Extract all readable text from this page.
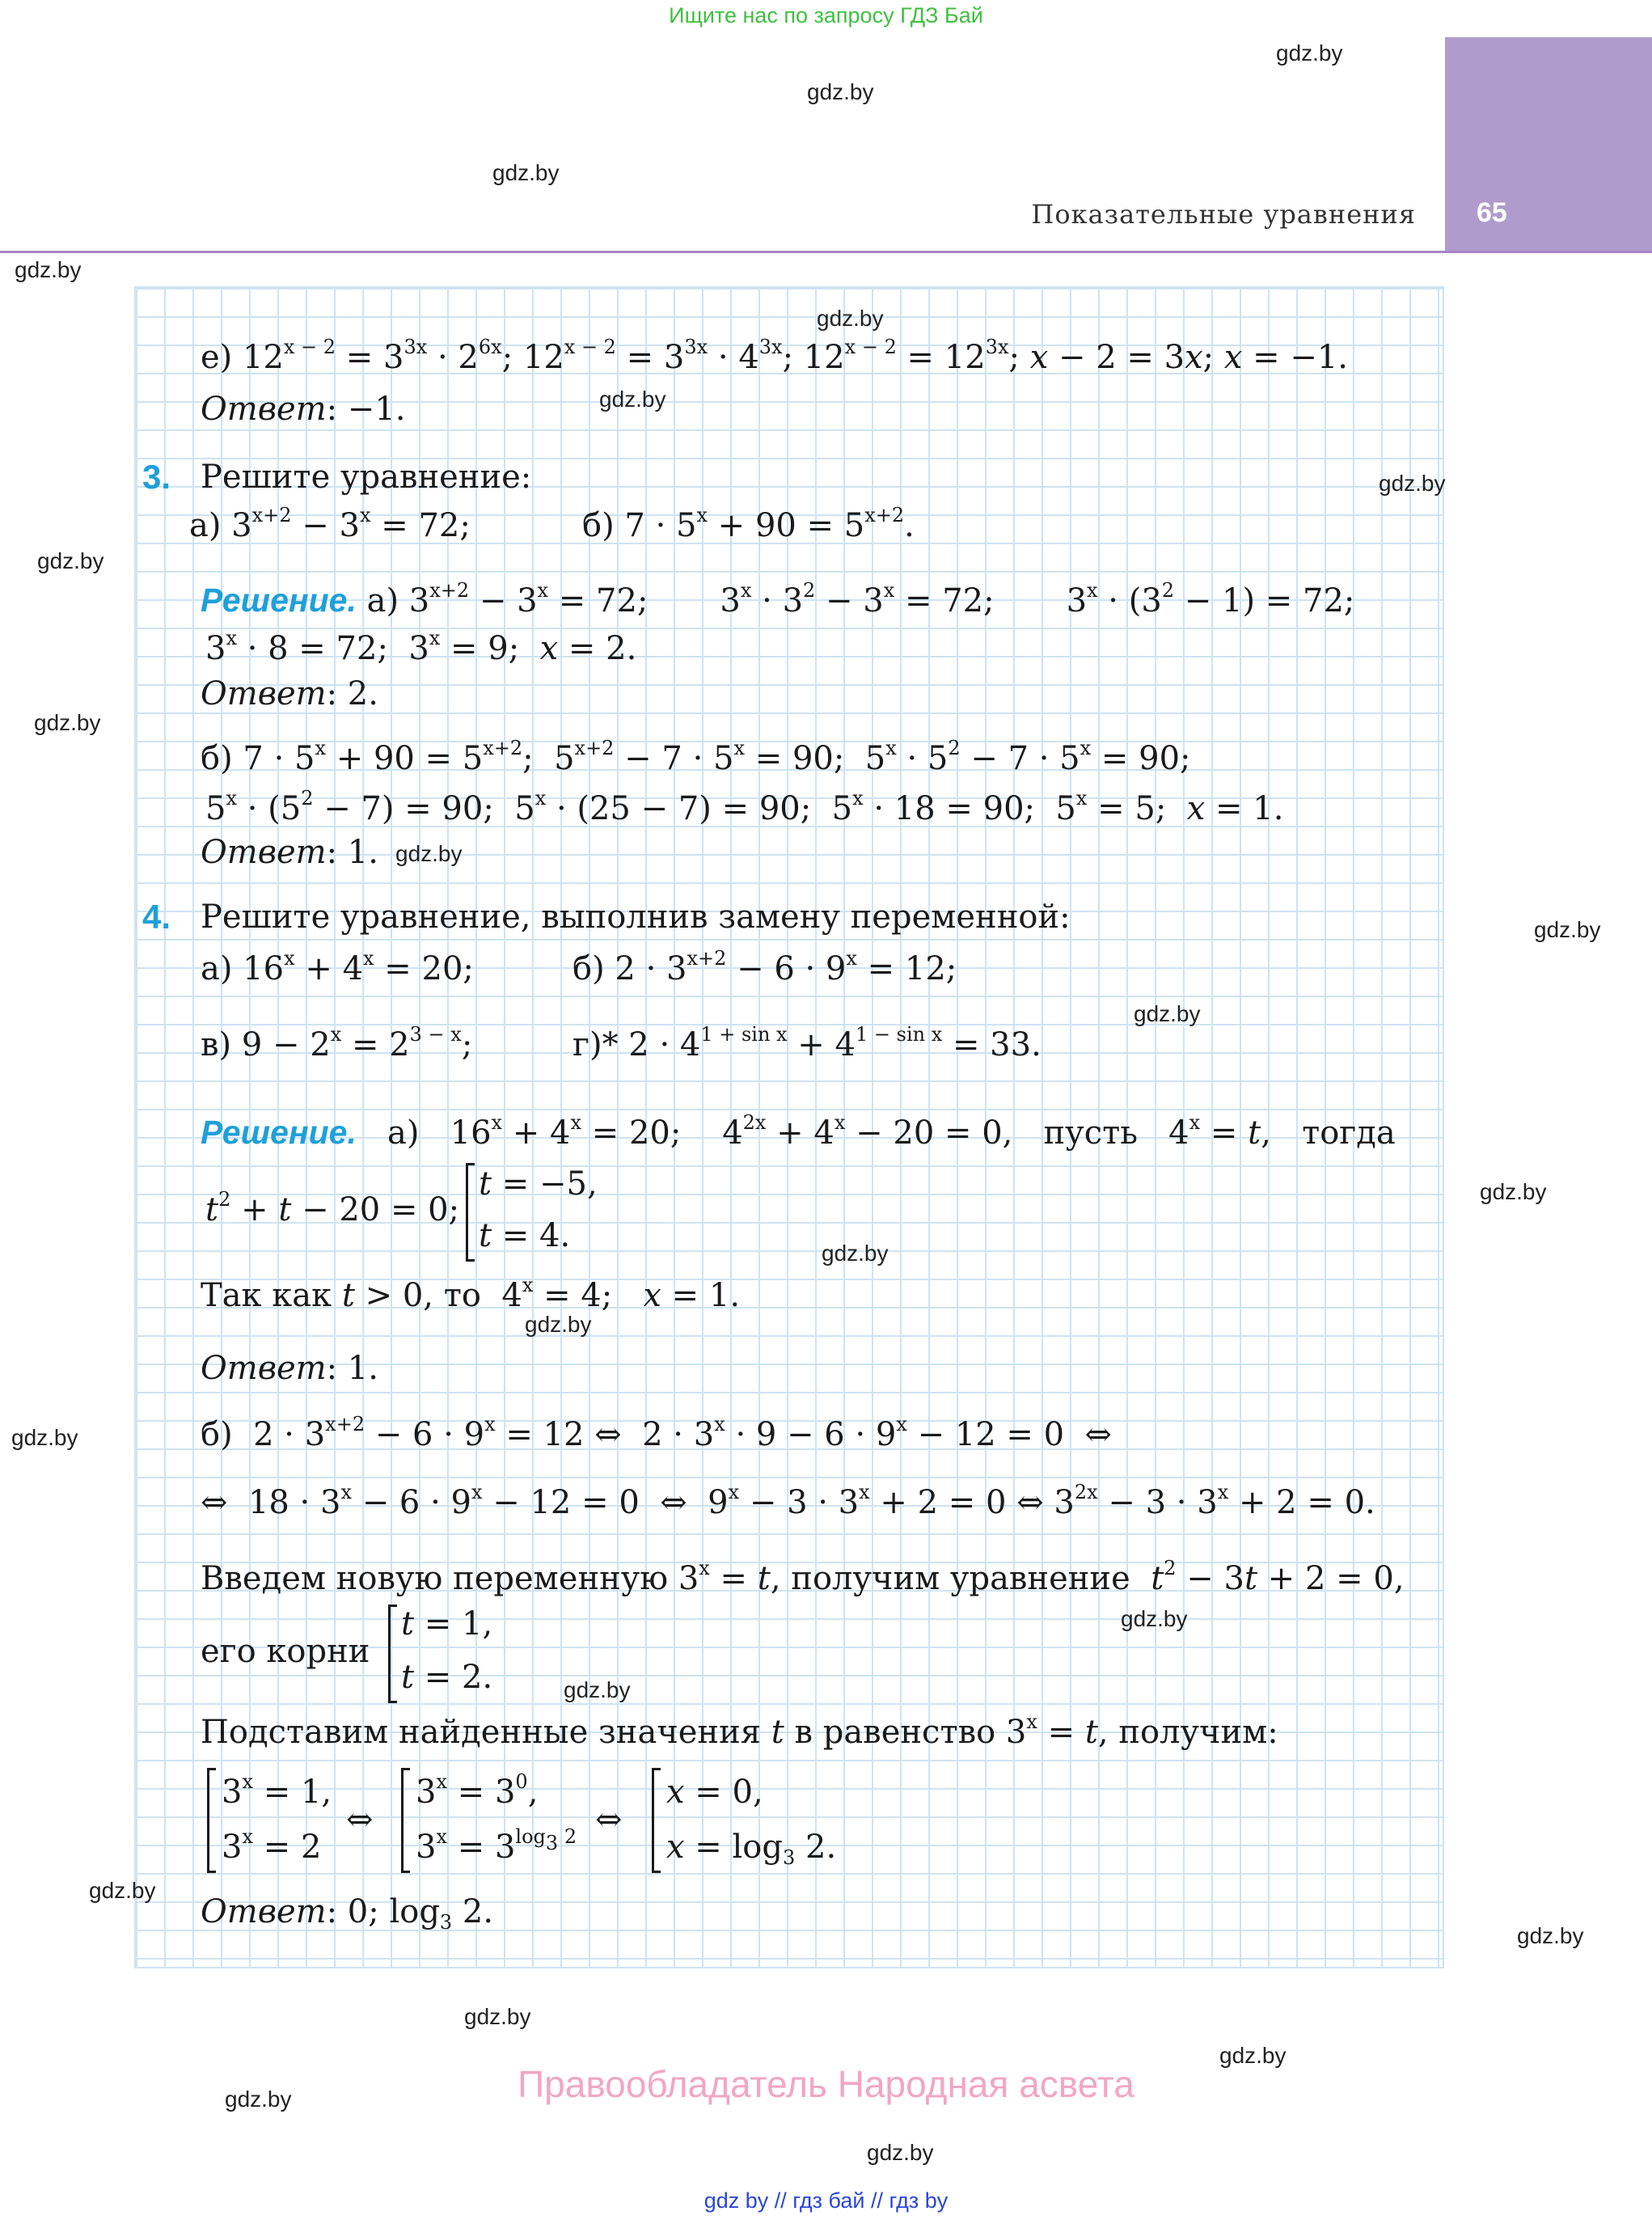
Ищите нас по запросу ГДЗ Бай
65
Показательные уравнения
gdz.by
gdz.by
gdz.by
gdz.by
gdz.by
gdz.by
gdz.by
gdz.by
gdz.by
gdz.by
gdz.by
gdz.by
gdz.by
gdz.by
gdz.by
gdz.by
gdz.by
gdz.by
gdz.by
gdz.by
gdz.by
gdz.by
gdz.by
gdz.by
е) $12^{x - 2} = 3^{3x} \cdot 2^{6x}$; $12^{x - 2} = 3^{3x} \cdot 4^{3x}$; $12^{x - 2} = 12^{3x}$; x − 2 = 3x; x = −1.
Ответ: −1.
3. Решите уравнение:
а) $3^{x+2} - 3^x = 72$;	б) $7 \cdot 5^x + 90 = 5^{x+2}$.
Решение. а) $3^{x+2} - 3^x = 72$;       $3^x \cdot 3^2 - 3^x = 72$;       $3^x \cdot (3^2 - 1) = 72$;
$3^x \cdot 8 = 72$;  $3^x = 9$;  x = 2.
Ответ: 2.
б) $7 \cdot 5^x + 90 = 5^{x+2}$;  $5^{x+2} - 7 \cdot 5^x = 90$;  $5^x \cdot 5^2 - 7 \cdot 5^x = 90$;
$5^x \cdot (5^2 - 7) = 90$;  $5^x \cdot (25 - 7) = 90$;  $5^x \cdot 18 = 90$;  $5^x = 5$;  x = 1.
Ответ: 1.
4. Решите уравнение, выполнив замену переменной:
а) $16^x + 4^x = 20$;	б) $2 \cdot 3^{x+2} - 6 \cdot 9^x = 12$;
в) $9 - 2^x = 2^{3 - x}$;	г)* $2 \cdot 4^{1 + sin x} + 4^{1 - sin x} = 33$.
Решение.   а)   $16^x + 4^x = 20$;    $4^{2x} + 4^x - 20 = 0$,   пусть   $4^x = t$,   тогда
$t^2 + t - 20 = 0$;
t = −5,
t = 4.
Так как t > 0, то  $4^x = 4$;   x = 1.
Ответ: 1.
б)  $2 \cdot 3^{x+2} - 6 \cdot 9^x = 12$ ⇔  $2 \cdot 3^x \cdot 9 - 6 \cdot 9^x - 12 = 0$  ⇔
⇔  $18 \cdot 3^x - 6 \cdot 9^x - 12 = 0$  ⇔  $9^x - 3 \cdot 3^x + 2 = 0$ ⇔ $3^{2x} - 3 \cdot 3^x + 2 = 0$.
Введем новую переменную $3^x = t$, получим уравнение  $t^2 - 3t + 2 = 0$,
его корни
t = 1,
t = 2.
Подставим найденные значения t в равенство $3^x = t$, получим:
$3^x = 1$,
$3^x = 2$
⇔
$3^x = 3^0$,
$3^x = 3^{log_3 2}$ ⇔
x = 0,
$x = \log_3 2$.
Ответ: 0; $\log_3 2$.
Правообладатель Народная асвета
gdz by // гдз бай // гдз by
